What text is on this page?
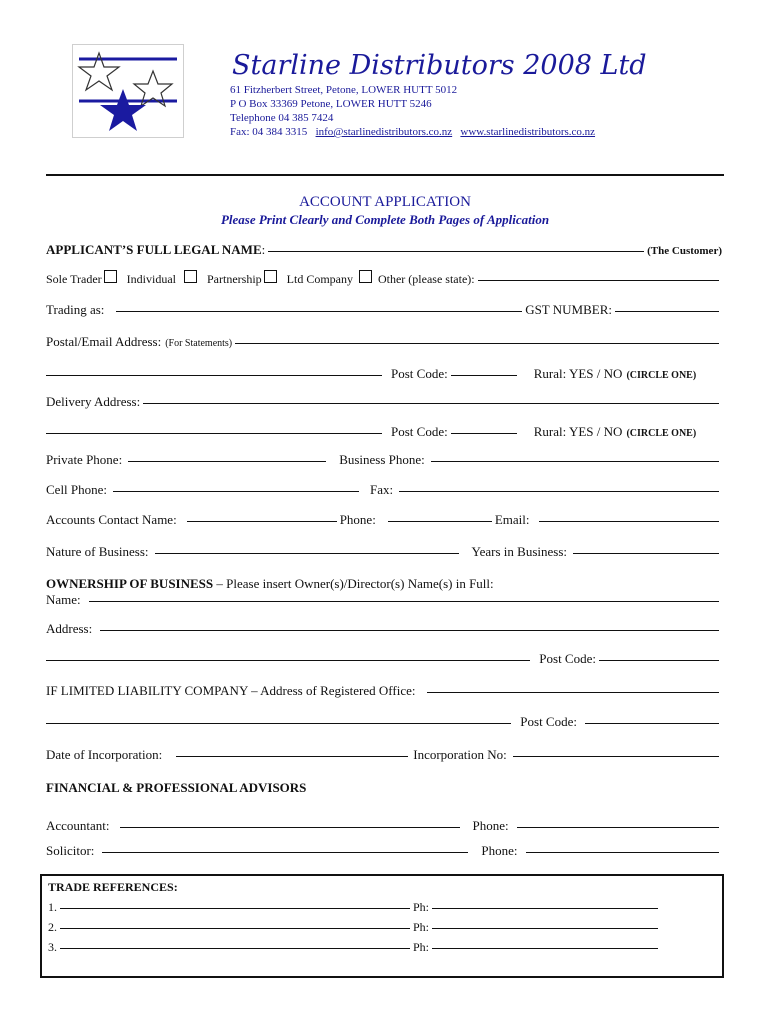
Starline Distributors 2008 Ltd
61 Fitzherbert Street, Petone, LOWER HUTT 5012
P O Box 33369 Petone, LOWER HUTT 5246
Telephone 04 385 7424
Fax: 04 384 3315 info@starlinedistributors.co.nz www.starlinedistributors.co.nz
ACCOUNT APPLICATION
Please Print Clearly and Complete Both Pages of Application
APPLICANT’S FULL LEGAL NAME :	(The Customer)
Sole Trader Individual	Partnership Ltd Company Other (please state):
Trading as:	GST NUMBER:
Postal/Email Address: (For Statements)
Post Code:	Rural: YES / NO (CIRCLE ONE)
Delivery Address:
Post Code:	Rural: YES / NO (CIRCLE ONE)
Private Phone:	Business Phone:
Cell Phone:	Fax:
Accounts Contact Name:	Phone:	Email:
Nature of Business:	Years in Business:
OWNERSHIP OF BUSINESS – Please insert Owner(s)/Director(s) Name(s) in Full:
Name:
Address:
Post Code:
IF LIMITED LIABILITY COMPANY – Address of Registered Office:
Post Code:
Date of Incorporation:	Incorporation No:
FINANCIAL & PROFESSIONAL ADVISORS
Accountant:	Phone:
Solicitor:	Phone:
TRADE REFERENCES:
1.	Ph:
2.	Ph:
3.	Ph:
